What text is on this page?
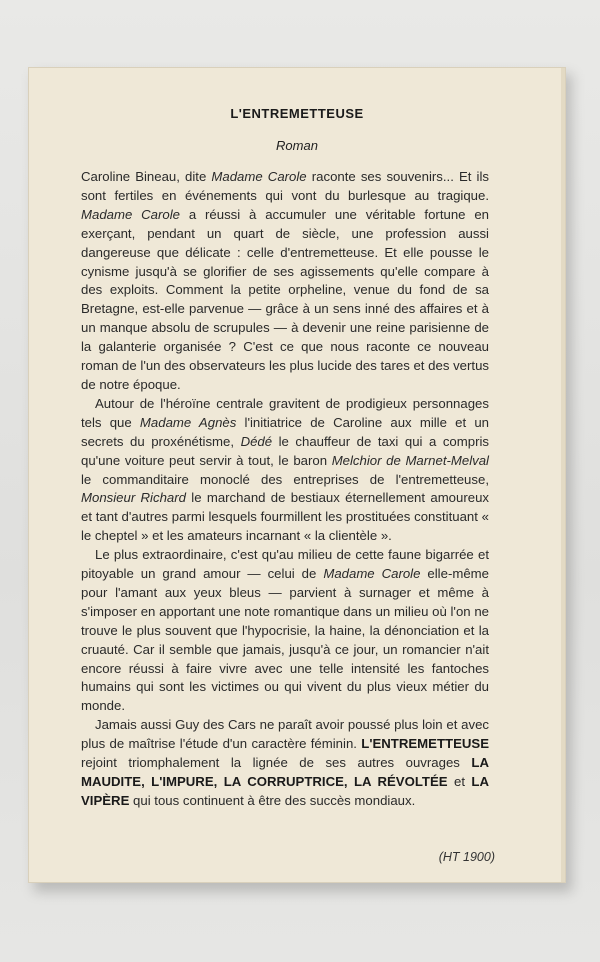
L'ENTREMETTEUSE
Roman

Caroline Bineau, dite Madame Carole raconte ses souvenirs... Et ils sont fertiles en événements qui vont du burlesque au tragique. Madame Carole a réussi à accumuler une véritable fortune en exerçant, pendant un quart de siècle, une profession aussi dangereuse que délicate : celle d'entremetteuse. Et elle pousse le cynisme jusqu'à se glorifier de ses agissements qu'elle compare à des exploits. Comment la petite orpheline, venue du fond de sa Bretagne, est-elle parvenue — grâce à un sens inné des affaires et à un manque absolu de scrupules — à devenir une reine parisienne de la galanterie organisée ? C'est ce que nous raconte ce nouveau roman de l'un des observateurs les plus lucide des tares et des vertus de notre époque.

Autour de l'héroïne centrale gravitent de prodigieux personnages tels que Madame Agnès l'initiatrice de Caroline aux mille et un secrets du proxénétisme, Dédé le chauffeur de taxi qui a compris qu'une voiture peut servir à tout, le baron Melchior de Marnet-Melval le commanditaire monoclé des entreprises de l'entremetteuse, Monsieur Richard le marchand de bestiaux éternellement amoureux et tant d'autres parmi lesquels fourmillent les prostituées constituant « le cheptel » et les amateurs incarnant « la clientèle ».

Le plus extraordinaire, c'est qu'au milieu de cette faune bigarrée et pitoyable un grand amour — celui de Madame Carole elle-même pour l'amant aux yeux bleus — parvient à surnager et même à s'imposer en apportant une note romantique dans un milieu où l'on ne trouve le plus souvent que l'hypocrisie, la haine, la dénonciation et la cruauté. Car il semble que jamais, jusqu'à ce jour, un romancier n'ait encore réussi à faire vivre avec une telle intensité les fantoches humains qui sont les victimes ou qui vivent du plus vieux métier du monde.

Jamais aussi Guy des Cars ne paraît avoir poussé plus loin et avec plus de maîtrise l'étude d'un caractère féminin. L'ENTREMETTEUSE rejoint triomphalement la lignée de ses autres ouvrages LA MAUDITE, L'IMPURE, LA CORRUPTRICE, LA RÉVOLTÉE et LA VIPÈRE qui tous continuent à être des succès mondiaux.

(HT 1900)
